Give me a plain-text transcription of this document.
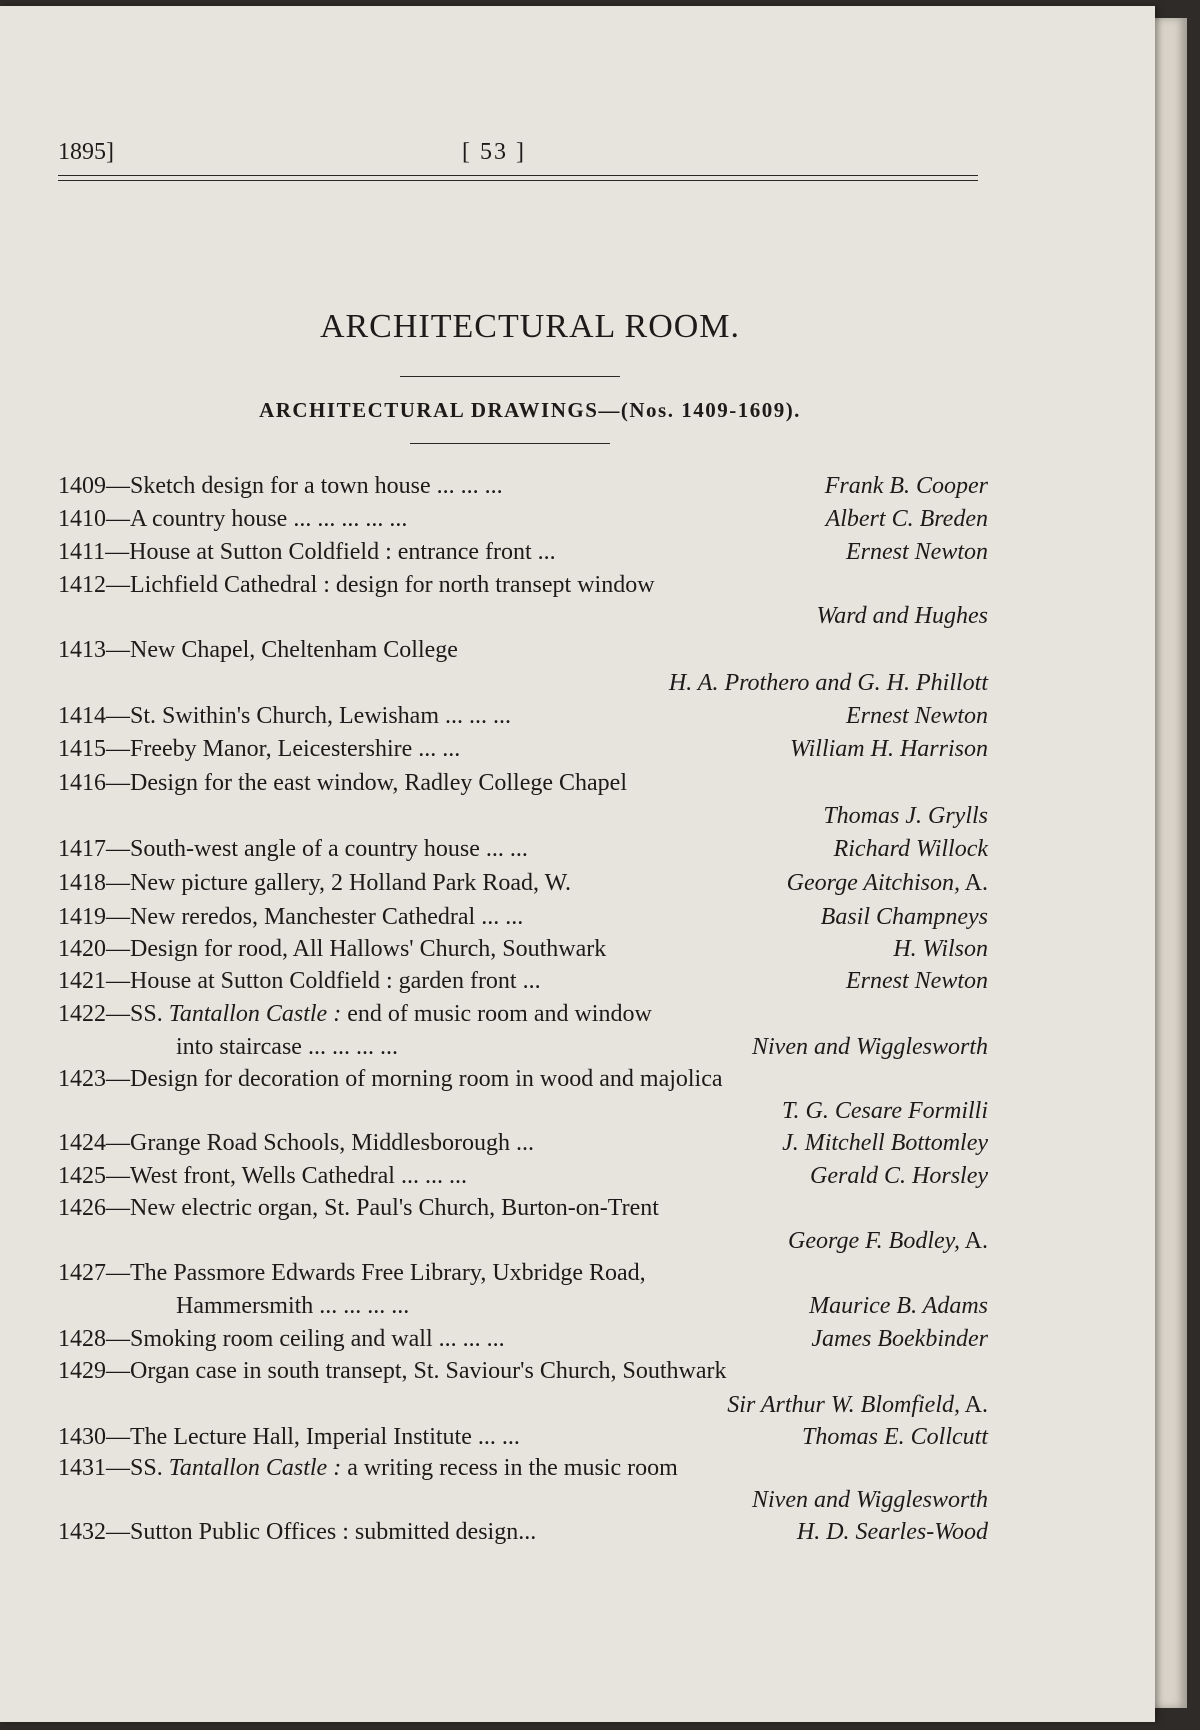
1895]	[ 53 ]
ARCHITECTURAL ROOM.
ARCHITECTURAL DRAWINGS—(Nos. 1409-1609).
1409—Sketch design for a town house ... ... ...	Frank B. Cooper
1410—A country house ... ... ... ... ...	Albert C. Breden
1411—House at Sutton Coldfield : entrance front ...	Ernest Newton
1412—Lichfield Cathedral : design for north transept window
Ward and Hughes
1413—New Chapel, Cheltenham College
H. A. Prothero and G. H. Phillott
1414—St. Swithin's Church, Lewisham ... ... ...	Ernest Newton
1415—Freeby Manor, Leicestershire ... ...	William H. Harrison
1416—Design for the east window, Radley College Chapel
Thomas J. Grylls
1417—South-west angle of a country house ... ...	Richard Willock
1418—New picture gallery, 2 Holland Park Road, W.	George Aitchison, A.
1419—New reredos, Manchester Cathedral ... ...	Basil Champneys
1420—Design for rood, All Hallows' Church, Southwark	H. Wilson
1421—House at Sutton Coldfield : garden front ...	Ernest Newton
1422—SS. Tantallon Castle : end of music room and window
into staircase ... ... ... ...	Niven and Wigglesworth
1423—Design for decoration of morning room in wood and majolica
T. G. Cesare Formilli
1424—Grange Road Schools, Middlesborough ...	J. Mitchell Bottomley
1425—West front, Wells Cathedral ... ... ...	Gerald C. Horsley
1426—New electric organ, St. Paul's Church, Burton-on-Trent
George F. Bodley, A.
1427—The Passmore Edwards Free Library, Uxbridge Road,
Hammersmith ... ... ... ...	Maurice B. Adams
1428—Smoking room ceiling and wall ... ... ...	James Boekbinder
1429—Organ case in south transept, St. Saviour's Church, Southwark
Sir Arthur W. Blomfield, A.
1430—The Lecture Hall, Imperial Institute ... ...	Thomas E. Collcutt
1431—SS. Tantallon Castle : a writing recess in the music room
Niven and Wigglesworth
1432—Sutton Public Offices : submitted design...	H. D. Searles-Wood
